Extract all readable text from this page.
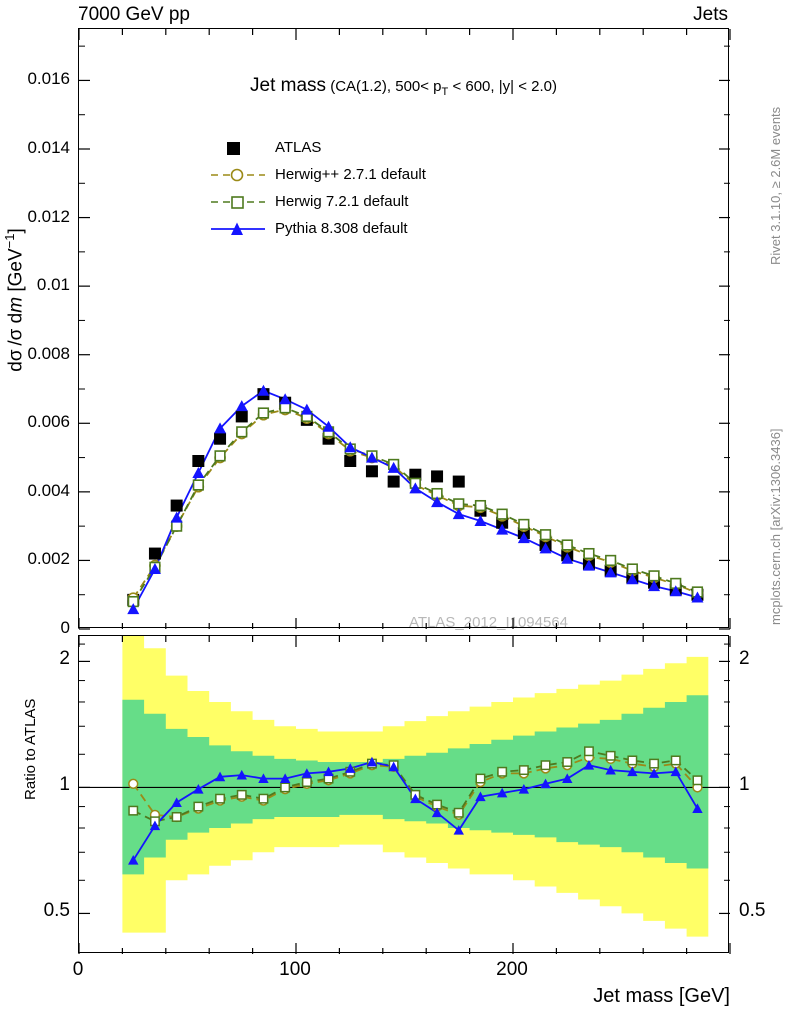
7000 GeV pp	Jets
Rivet 3.1.10, ≥ 2.6M events
mcplots.cern.ch [arXiv:1306.3436]
Jet mass (CA(1.2), $500< p_T < 600$, |y| < 2.0)
ATLAS
Herwig++ 2.7.1 default
Herwig 7.2.1 default
Pythia 8.308 default
ATLAS_2012_I1094564
0
0.002
0.004
0.006
0.008
0.01
0.012
0.014
0.016
dσ /σ dm [GeV$^{-1}$]
Ratio to ATLAS
0.5	0.5
1	1
2	2
0	100	200
Jet mass [GeV]
